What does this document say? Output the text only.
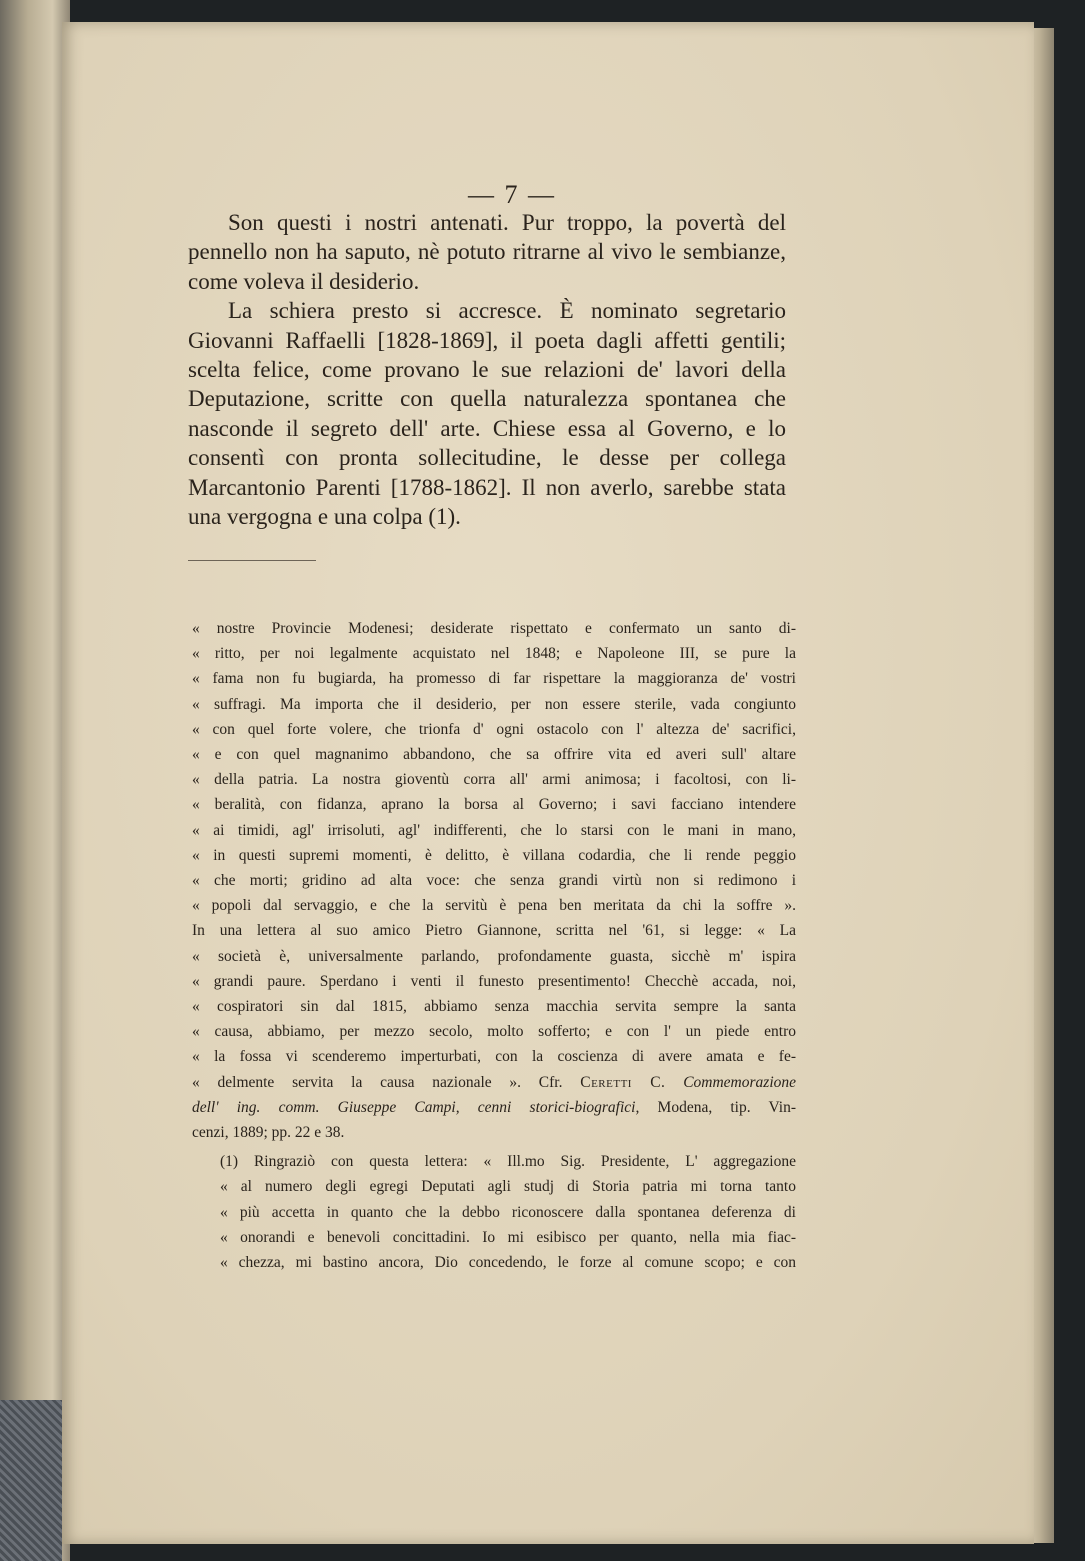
— 7 —

Son questi i nostri antenati. Pur troppo, la povertà del pennello non ha saputo, nè potuto ritrarne al vivo le sembianze, come voleva il desiderio.

La schiera presto si accresce. È nominato segretario Giovanni Raffaelli [1828-1869], il poeta dagli affetti gentili; scelta felice, come provano le sue relazioni de' lavori della Deputazione, scritte con quella naturalezza spontanea che nasconde il segreto dell' arte. Chiese essa al Governo, e lo consentì con pronta sollecitudine, le desse per collega Marcantonio Parenti [1788-1862]. Il non averlo, sarebbe stata una vergogna e una colpa (1).

« nostre Provincie Modenesi; desiderate rispettato e confermato un santo di-
« ritto, per noi legalmente acquistato nel 1848; e Napoleone III, se pure la
« fama non fu bugiarda, ha promesso di far rispettare la maggioranza de' vostri
« suffragi. Ma importa che il desiderio, per non essere sterile, vada congiunto
« con quel forte volere, che trionfa d' ogni ostacolo con l' altezza de' sacrifici,
« e con quel magnanimo abbandono, che sa offrire vita ed averi sull' altare
« della patria. La nostra gioventù corra all' armi animosa; i facoltosi, con li-
« beralità, con fidanza, aprano la borsa al Governo; i savi facciano intendere
« ai timidi, agl' irrisoluti, agl' indifferenti, che lo starsi con le mani in mano,
« in questi supremi momenti, è delitto, è villana codardia, che li rende peggio
« che morti; gridino ad alta voce: che senza grandi virtù non si redimono i
« popoli dal servaggio, e che la servitù è pena ben meritata da chi la soffre ».
In una lettera al suo amico Pietro Giannone, scritta nel '61, si legge: « La
« società è, universalmente parlando, profondamente guasta, sicchè m' ispira
« grandi paure. Sperdano i venti il funesto presentimento! Checchè accada, noi,
« cospiratori sin dal 1815, abbiamo senza macchia servita sempre la santa
« causa, abbiamo, per mezzo secolo, molto sofferto; e con l' un piede entro
« la fossa vi scenderemo imperturbati, con la coscienza di avere amata e fe-
« delmente servita la causa nazionale ». Cfr. Ceretti C. Commemorazione
dell' ing. comm. Giuseppe Campi, cenni storici-biografici, Modena, tip. Vin-
cenzi, 1889; pp. 22 e 38.

(1) Ringraziò con questa lettera: « Ill.mo Sig. Presidente, L' aggregazione
« al numero degli egregi Deputati agli studj di Storia patria mi torna tanto
« più accetta in quanto che la debbo riconoscere dalla spontanea deferenza di
« onorandi e benevoli concittadini. Io mi esibisco per quanto, nella mia fiac-
« chezza, mi bastino ancora, Dio concedendo, le forze al comune scopo; e con
